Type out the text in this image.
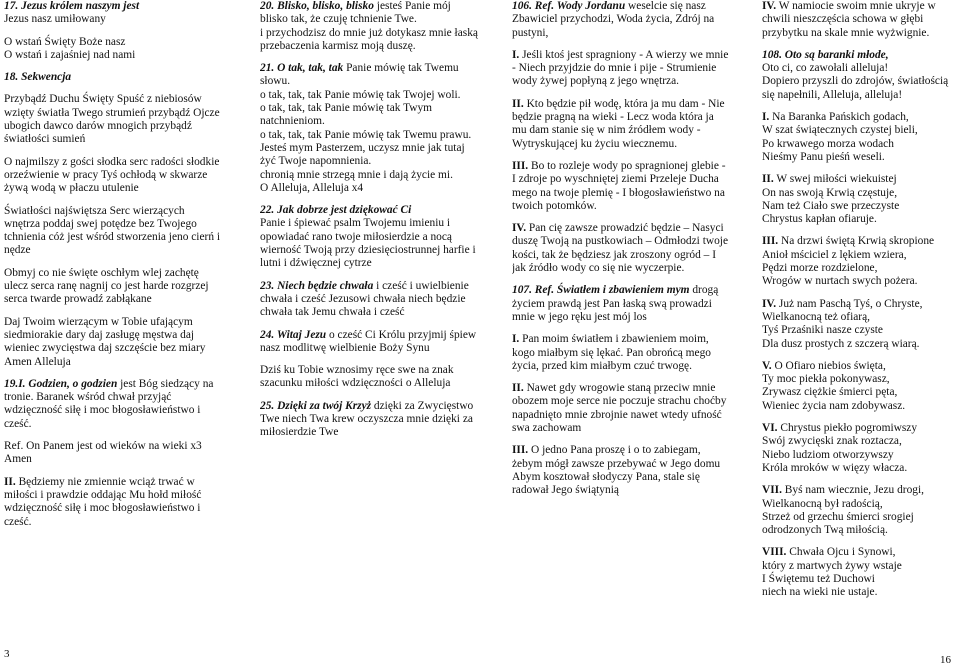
17. Jezus królem naszym jest
Jezus nasz umiłowany

O wstań Święty Boże nasz
O wstań i zajaśniej nad nami

18. Sekwencja

Przybądź Duchu Święty Spuść z niebiosów wzięty światła Twego strumień przybądź Ojcze ubogich dawco darów mnogich przybądź światłości sumień

O najmilszy z gości słodka serc radości słodkie orzeźwienie w pracy Tyś ochłodą w skwarze żywą wodą w płaczu utulenie

Światłości najświętsza Serc wierzących wnętrza poddaj swej potędze bez Twojego tchnienia cóż jest wśród stworzenia jeno cierń i nędze

Obmyj co nie święte oschłym wlej zachętę ulecz serca ranę nagnij co jest harde rozgrzej serca twarde prowadź zabłąkane

Daj Twoim wierzącym w Tobie ufającym siedmiorakie dary daj zasługę męstwa daj wieniec zwycięstwa daj szczęście bez miary
Amen Alleluja

19.I. Godzien, o godzien jest Bóg siedzący na tronie. Baranek wśród chwał przyjąć wdzięczność siłę i moc błogosławieństwo i cześć.

Ref. On Panem jest od wieków na wieki x3 Amen

II. Będziemy nie zmiennie wciąż trwać w miłości i prawdzie oddając Mu hołd miłość wdzięczność siłę i moc błogosławieństwo i cześć.

20. Blisko, blisko, blisko jesteś Panie mój blisko tak, że czuję tchnienie Twe.
i przychodzisz do mnie już dotykasz mnie łaską przebaczenia karmisz moją duszę.

21. O tak, tak, tak Panie mówię tak Twemu słowu.
o tak, tak, tak Panie mówię tak Twojej woli.
o tak, tak, tak Panie mówię tak Twym natchnieniom.
o tak, tak, tak Panie mówię tak Twemu prawu.
Jesteś mym Pasterzem, uczysz mnie jak tutaj żyć Twoje napomnienia.
chronią mnie strzegą mnie i dają życie mi.
O Alleluja, Alleluja x4

22. Jak dobrze jest dziękować Ci
Panie i śpiewać psalm Twojemu imieniu i opowiadać rano twoje miłosierdzie a nocą wierność Twoją przy dziesięciostrunnej harfie i lutni i dźwięcznej cytrze

23. Niech będzie chwała i cześć i uwielbienie chwała i cześć Jezusowi chwała niech będzie chwała tak Jemu chwała i cześć

24. Witaj Jezu o cześć Ci Królu przyjmij śpiew nasz modlitwę wielbienie Boży Synu

Dziś ku Tobie wznosimy ręce swe na znak szacunku miłości wdzięczności o Alleluja

25. Dzięki za twój Krzyż dzięki za Zwycięstwo Twe niech Twa krew oczyszcza mnie dzięki za miłosierdzie Twe

106. Ref. Wody Jordanu weselcie się nasz Zbawiciel przychodzi, Woda życia, Zdrój na pustyni,

I. Jeśli ktoś jest spragniony - A wierzy we mnie - Niech przyjdzie do mnie i pije - Strumienie wody żywej popłyną z jego wnętrza.

II. Kto będzie pił wodę, która ja mu dam - Nie będzie pragną na wieki - Lecz woda która ja mu dam stanie się w nim źródłem wody - Wytryskującej ku życiu wiecznemu.

III. Bo to rozleje wody po spragnionej glebie - I zdroje po wyschniętej ziemi Przeleje Ducha mego na twoje plemię - I błogosławieństwo na twoich potomków.

IV. Pan cię zawsze prowadzić będzie – Nasyci duszę Twoją na pustkowiach – Odmłodzi twoje kości, tak że będziesz jak zroszony ogród – I jak źródło wody co się nie wyczerpie.

107. Ref. Światłem i zbawieniem mym drogą życiem prawdą jest Pan łaską swą prowadzi mnie w jego ręku jest mój los

I. Pan moim światłem i zbawieniem moim, kogo miałbym się lękać. Pan obrońcą mego życia, przed kim miałbym czuć trwogę.

II. Nawet gdy wrogowie staną przeciw mnie obozem moje serce nie poczuje strachu choćby napadnięto mnie zbrojnie nawet wtedy ufność swa zachowam

III. O jedno Pana proszę i o to zabiegam, żebym mógł zawsze przebywać w Jego domu Abym kosztował słodyczy Pana, stale się radował Jego świątynią

IV. W namiocie swoim mnie ukryje w chwili nieszczęścia schowa w głębi przybytku na skale mnie wyżwignie.

108. Oto są baranki młode,
Oto ci, co zawołali alleluja!
Dopiero przyszli do zdrojów, światłością się napełnili, Alleluja, alleluja!

I. Na Baranka Pańskich godach,
W szat świątecznych czystej bieli,
Po krwawego morza wodach
Nieśmy Panu pieśń weseli.

II. W swej miłości wiekuistej
On nas swoją Krwią częstuje,
Nam też Ciało swe przeczyste
Chrystus kapłan ofiaruje.

III. Na drzwi świętą Krwią skropione
Anioł mściciel z lękiem wziera,
Pędzi morze rozdzielone,
Wrogów w nurtach swych pożera.

IV. Już nam Paschą Tyś, o Chryste,
Wielkanocną też ofiarą,
Tyś Przaśniki nasze czyste
Dla dusz prostych z szczerą wiarą.

V. O Ofiaro niebios święta,
Ty moc piekła pokonywasz,
Zrywasz ciężkie śmierci pęta,
Wieniec życia nam zdobywasz.

VI. Chrystus piekło pogromiwszy
Swój zwycięski znak roztacza,
Niebo ludziom otworzywszy
Króla mroków w więzy włacza.

VII. Byś nam wiecznie, Jezu drogi,
Wielkanocną był radością,
Strzeż od grzechu śmierci srogiej
odrodzonych Twą miłością.

VIII. Chwała Ojcu i Synowi,
który z martwych żywy wstaje
I Świętemu też Duchowi
niech na wieki nie ustaje.

3	16
